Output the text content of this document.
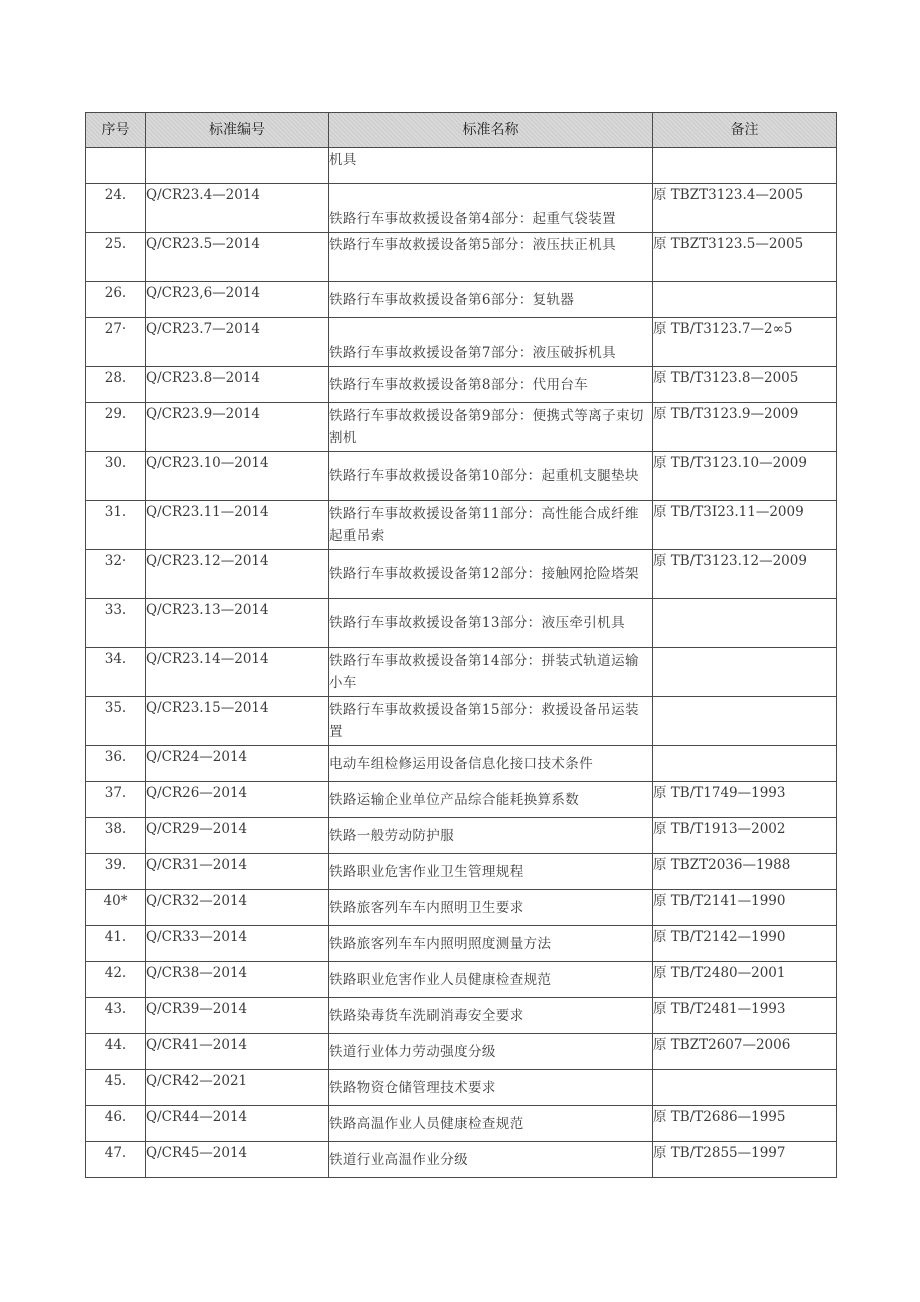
序号	标准编号	标准名称	备注
		机具	
24.	Q/CR23.4—2014	铁路行车事故救援设备第4部分：起重气袋装置	原 TBZT3123.4—2005
25.	Q/CR23.5—2014	铁路行车事故救援设备第5部分：液压扶正机具	原 TBZT3123.5—2005
26.	Q/CR23,6—2014	铁路行车事故救援设备第6部分：复轨器	
27·	Q/CR23.7—2014	铁路行车事故救援设备第7部分：液压破拆机具	原 TB/T3123.7—2∞5
28.	Q/CR23.8—2014	铁路行车事故救援设备第8部分：代用台车	原 TB/T3123.8—2005
29.	Q/CR23.9—2014	铁路行车事故救援设备第9部分：便携式等离子束切割机	原 TB/T3123.9—2009
30.	Q/CR23.10—2014	铁路行车事故救援设备第10部分：起重机支腿垫块	原 TB/T3123.10—2009
31.	Q/CR23.11—2014	铁路行车事故救援设备第11部分：高性能合成纤维起重吊索	原 TB/T3I23.11—2009
32·	Q/CR23.12—2014	铁路行车事故救援设备第12部分：接触网抢险塔架	原 TB/T3123.12—2009
33.	Q/CR23.13—2014	铁路行车事故救援设备第13部分：液压牵引机具	
34.	Q/CR23.14—2014	铁路行车事故救援设备第14部分：拼装式轨道运输小车	
35.	Q/CR23.15—2014	铁路行车事故救援设备第15部分：救援设备吊运装置	
36.	Q/CR24—2014	电动车组检修运用设备信息化接口技术条件	
37.	Q/CR26—2014	铁路运输企业单位产品综合能耗换算系数	原 TB/T1749—1993
38.	Q/CR29—2014	铁路一般劳动防护服	原 TB/T1913—2002
39.	Q/CR31—2014	铁路职业危害作业卫生管理规程	原 TBZT2036—1988
40*	Q/CR32—2014	铁路旅客列车车内照明卫生要求	原 TB/T2141—1990
41.	Q/CR33—2014	铁路旅客列车车内照明照度测量方法	原 TB/T2142—1990
42.	Q/CR38—2014	铁路职业危害作业人员健康检查规范	原 TB/T2480—2001
43.	Q/CR39—2014	铁路染毒货车洗刷消毒安全要求	原 TB/T2481—1993
44.	Q/CR41—2014	铁道行业体力劳动强度分级	原 TBZT2607—2006
45.	Q/CR42—2021	铁路物资仓储管理技术要求	
46.	Q/CR44—2014	铁路高温作业人员健康检查规范	原 TB/T2686—1995
47.	Q/CR45—2014	铁道行业高温作业分级	原 TB/T2855—1997
